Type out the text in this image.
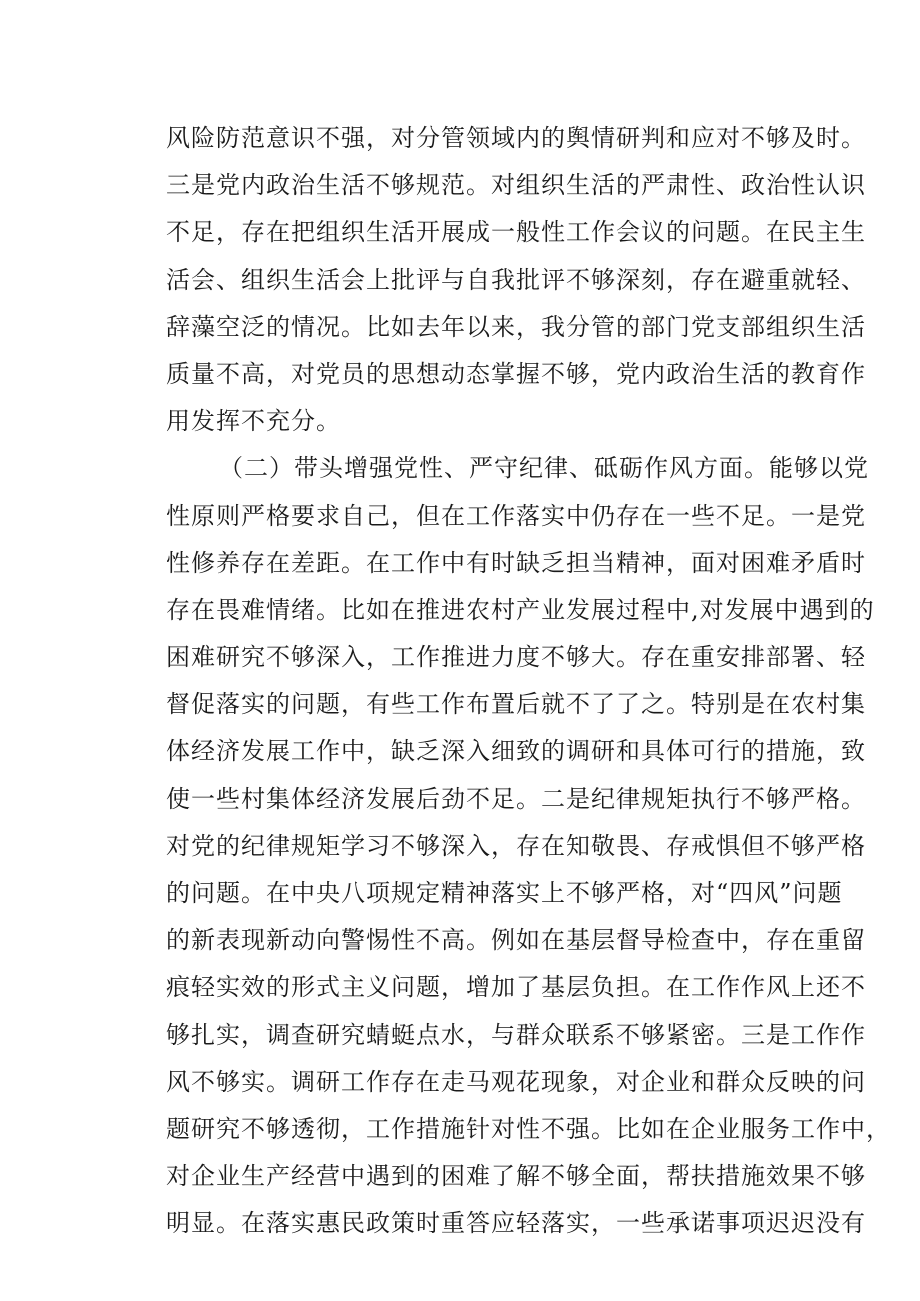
风险防范意识不强，对分管领域内的舆情研判和应对不够及时。
三是党内政治生活不够规范。对组织生活的严肃性、政治性认识
不足，存在把组织生活开展成一般性工作会议的问题。在民主生
活会、组织生活会上批评与自我批评不够深刻，存在避重就轻、
辞藻空泛的情况。比如去年以来，我分管的部门党支部组织生活
质量不高，对党员的思想动态掌握不够，党内政治生活的教育作
用发挥不充分。
（二）带头增强党性、严守纪律、砥砺作风方面。能够以党
性原则严格要求自己，但在工作落实中仍存在一些不足。一是党
性修养存在差距。在工作中有时缺乏担当精神，面对困难矛盾时
存在畏难情绪。比如在推进农村产业发展过程中,对发展中遇到的
困难研究不够深入，工作推进力度不够大。存在重安排部署、轻
督促落实的问题，有些工作布置后就不了了之。特别是在农村集
体经济发展工作中，缺乏深入细致的调研和具体可行的措施，致
使一些村集体经济发展后劲不足。二是纪律规矩执行不够严格。
对党的纪律规矩学习不够深入，存在知敬畏、存戒惧但不够严格
的问题。在中央八项规定精神落实上不够严格，对“四风”问题
的新表现新动向警惕性不高。例如在基层督导检查中，存在重留
痕轻实效的形式主义问题，增加了基层负担。在工作作风上还不
够扎实，调查研究蜻蜓点水，与群众联系不够紧密。三是工作作
风不够实。调研工作存在走马观花现象，对企业和群众反映的问
题研究不够透彻，工作措施针对性不强。比如在企业服务工作中，
对企业生产经营中遇到的困难了解不够全面，帮扶措施效果不够
明显。在落实惠民政策时重答应轻落实，一些承诺事项迟迟没有
